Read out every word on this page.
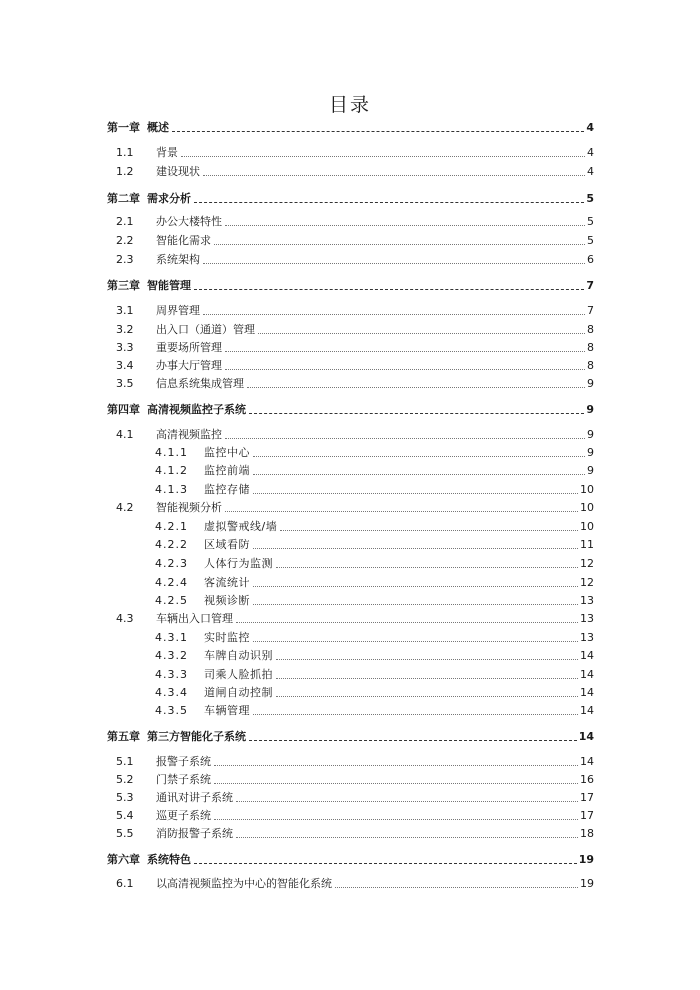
目录
第一章 概述	4
1.1 背景	4
1.2 建设现状	4
第二章 需求分析	5
2.1 办公大楼特性	5
2.2 智能化需求	5
2.3 系统架构	6
第三章 智能管理	7
3.1 周界管理	7
3.2 出入口（通道）管理	8
3.3 重要场所管理	8
3.4 办事大厅管理	8
3.5 信息系统集成管理	9
第四章 高清视频监控子系统	9
4.1 高清视频监控	9
4.1.1 监控中心	9
4.1.2 监控前端	9
4.1.3 监控存储	10
4.2 智能视频分析	10
4.2.1 虚拟警戒线/墙	10
4.2.2 区域看防	11
4.2.3 人体行为监测	12
4.2.4 客流统计	12
4.2.5 视频诊断	13
4.3 车辆出入口管理	13
4.3.1 实时监控	13
4.3.2 车牌自动识别	14
4.3.3 司乘人脸抓拍	14
4.3.4 道闸自动控制	14
4.3.5 车辆管理	14
第五章 第三方智能化子系统	14
5.1 报警子系统	14
5.2 门禁子系统	16
5.3 通讯对讲子系统	17
5.4 巡更子系统	17
5.5 消防报警子系统	18
第六章 系统特色	19
6.1 以高清视频监控为中心的智能化系统	19
